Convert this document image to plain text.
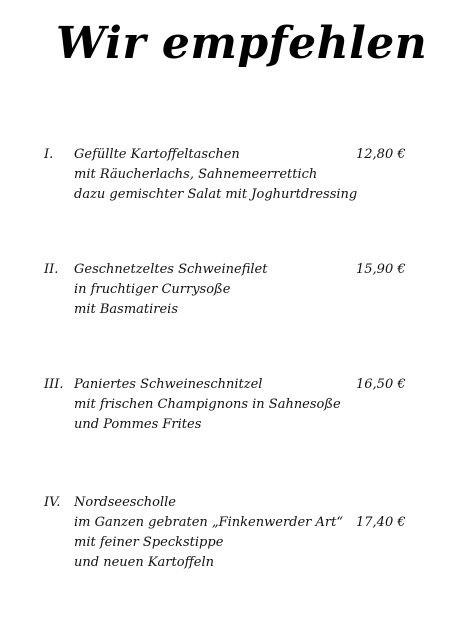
Wir empfehlen
I. Gefüllte Kartoffeltaschen
mit Räucherlachs, Sahnemeerrettich
dazu gemischter Salat mit Joghurtdressing
12,80 €
II. Geschnetzeltes Schweinefilet
in fruchtiger Currysoße
mit Basmatireis
15,90 €
III. Paniertes Schweineschnitzel
mit frischen Champignons in Sahnesoße
und Pommes Frites
16,50 €
IV. Nordseescholle
im Ganzen gebraten „Finkenwerder Art“
mit feiner Speckstippe
und neuen Kartoffeln
17,40 €
